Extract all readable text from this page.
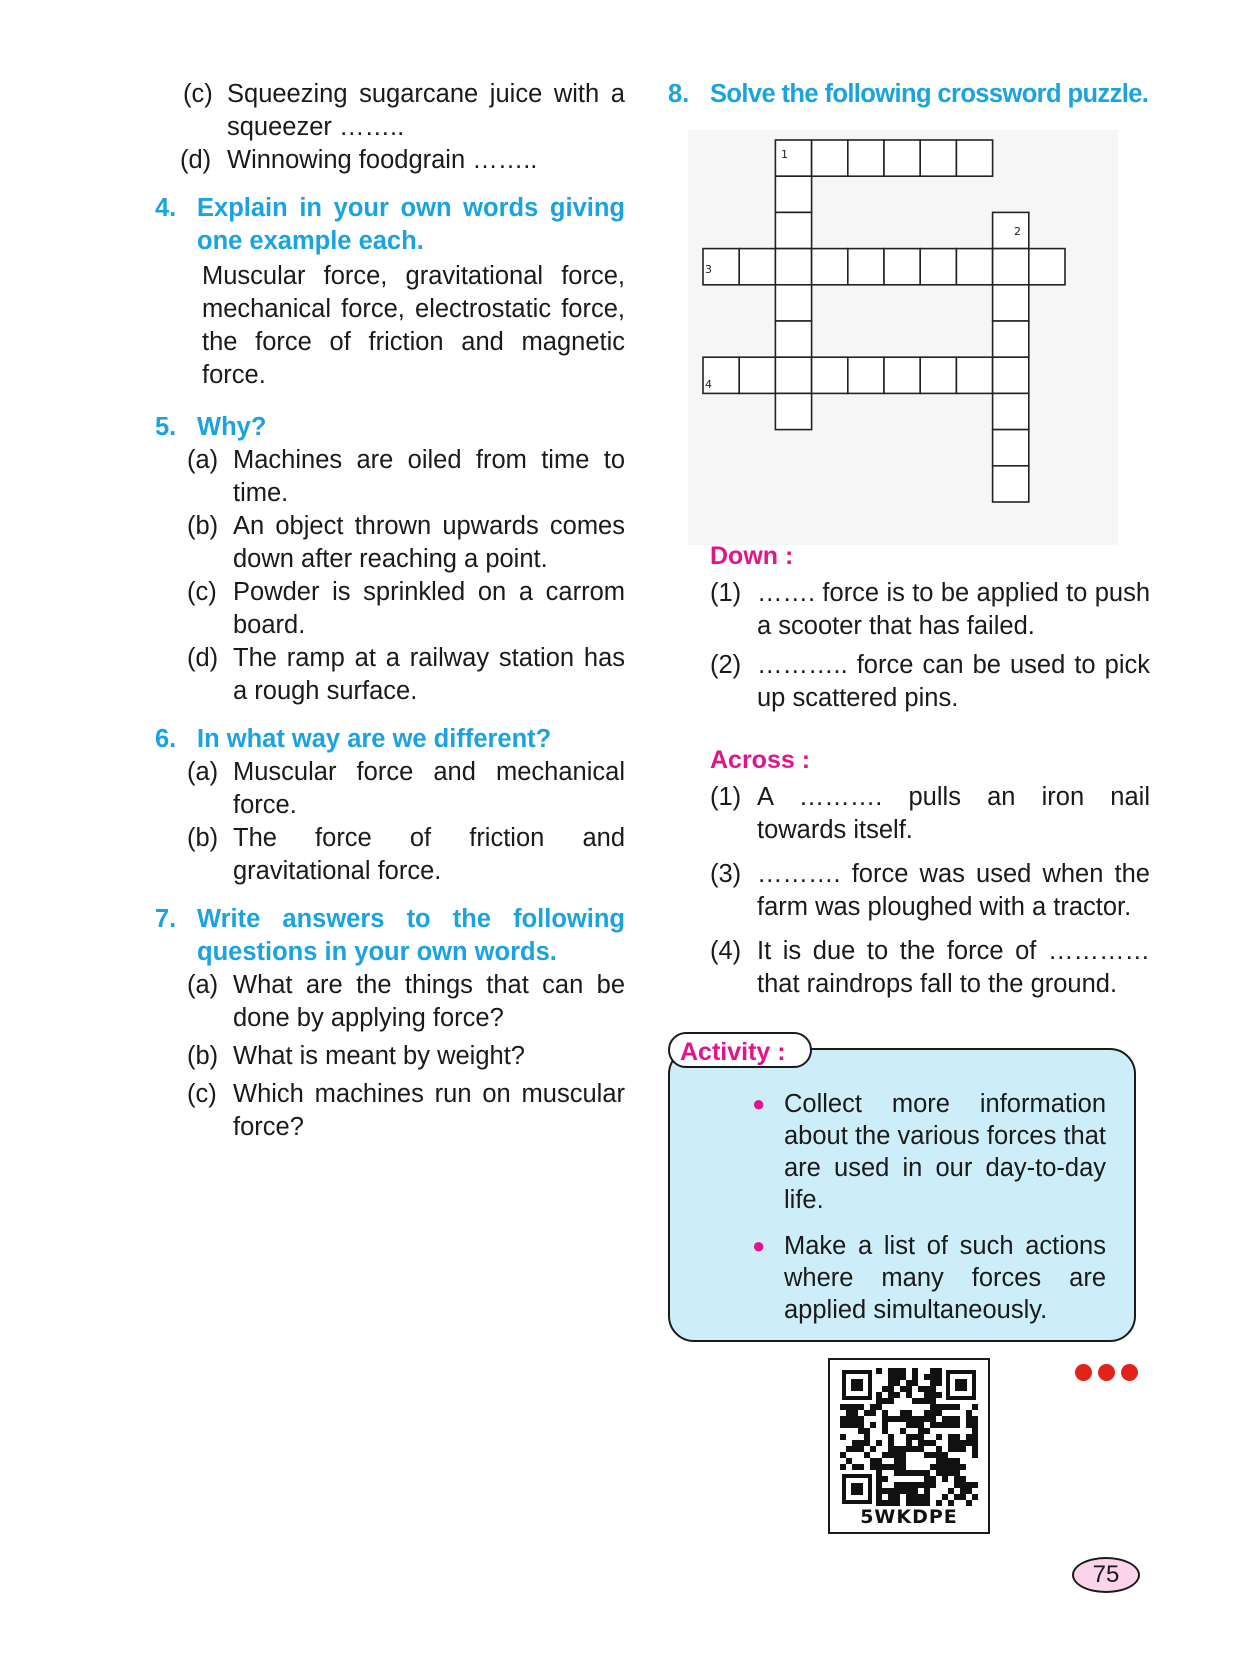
(c) Squeezing sugarcane juice with a squeezer ……..
(d) Winnowing foodgrain ……..
4. Explain in your own words giving one example each.
Muscular force, gravitational force, mechanical force, electrostatic force, the force of friction and magnetic force.
5. Why?
(a) Machines are oiled from time to time.
(b) An object thrown upwards comes down after reaching a point.
(c) Powder is sprinkled on a carrom board.
(d) The ramp at a railway station has a rough surface.
6. In what way are we different?
(a) Muscular force and mechanical force.
(b) The force of friction and gravitational force.
7. Write answers to the following questions in your own words.
(a) What are the things that can be done by applying force?
(b) What is meant by weight?
(c) Which machines run on muscular force?
8. Solve the following crossword puzzle.
1
2
3
4
Down :
(1) ……. force is to be applied to push a scooter that has failed.
(2) ……….. force can be used to pick up scattered pins.
Across :
(1) A ………. pulls an iron nail towards itself.
(3) ………. force was used when the farm was ploughed with a tractor.
(4) It is due to the force of ………… that raindrops fall to the ground.
Activity :
● Collect more information about the various forces that are used in our day-to-day life.
● Make a list of such actions where many forces are applied simultaneously.
5WKDPE
75
